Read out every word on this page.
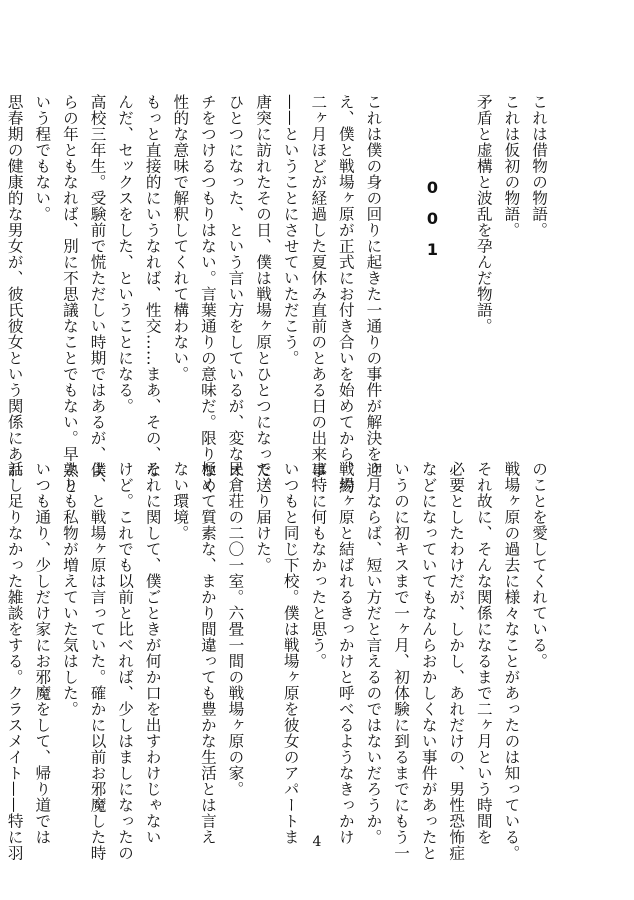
これは借物の物語。
これは仮初の物語。
矛盾と虚構と波乱を孕んだ物語。

これは僕の身の回りに起きた一通りの事件が解決を迎
え、僕と戦場ヶ原が正式にお付き合いを始めてから、約
二ヶ月ほどが経過した夏休み直前のとある日の出来事
——ということにさせていただこう。
唐突に訪れたその日、僕は戦場ヶ原とひとつになった。
ひとつになった、という言い方をしているが、変なオ
チをつけるつもりはない。言葉通りの意味だ。限りなく
性的な意味で解釈してくれて構わない。
もっと直接的にいうなれば、性交……まあ、その、な
んだ、セックスをした、ということになる。
高校三年生。受験前で慌ただしい時期ではあるが、僕
らの年ともなれば、別に不思議なことでもない。早熟と
いう程でもない。
思春期の健康的な男女が、彼氏彼女という関係にあれ	001
のことを愛してくれている。
戦場ヶ原の過去に様々なことがあったのは知っている。
それ故に、そんな関係になるまで二ヶ月という時間を
必要としたわけだが、しかし、あれだけの、男性恐怖症
などになっていてもなんらおかしくない事件があったと
いうのに初キスまで一ヶ月、初体験に到るまでにもう一
ヶ月ならば、短い方だと言えるのではないだろうか。
戦場ヶ原と結ばれるきっかけと呼べるようなきっかけ
は特に何もなかったと思う。
いつもと同じ下校。僕は戦場ヶ原を彼女のアパートま
で送り届けた。
民倉荘の二〇一室。六畳一間の戦場ヶ原の家。
極めて質素な、まかり間違っても豊かな生活とは言え
ない環境。
それに関して、僕ごときが何か口を出すわけじゃない
けど。これでも以前と比べれば、少しはましになったの
よ、と戦場ヶ原は言っていた。確かに以前お邪魔した時
よりも私物が増えていた気はした。
いつも通り、少しだけ家にお邪魔をして、帰り道では
話し足りなかった雑談をする。クラスメイト——特に羽	4
